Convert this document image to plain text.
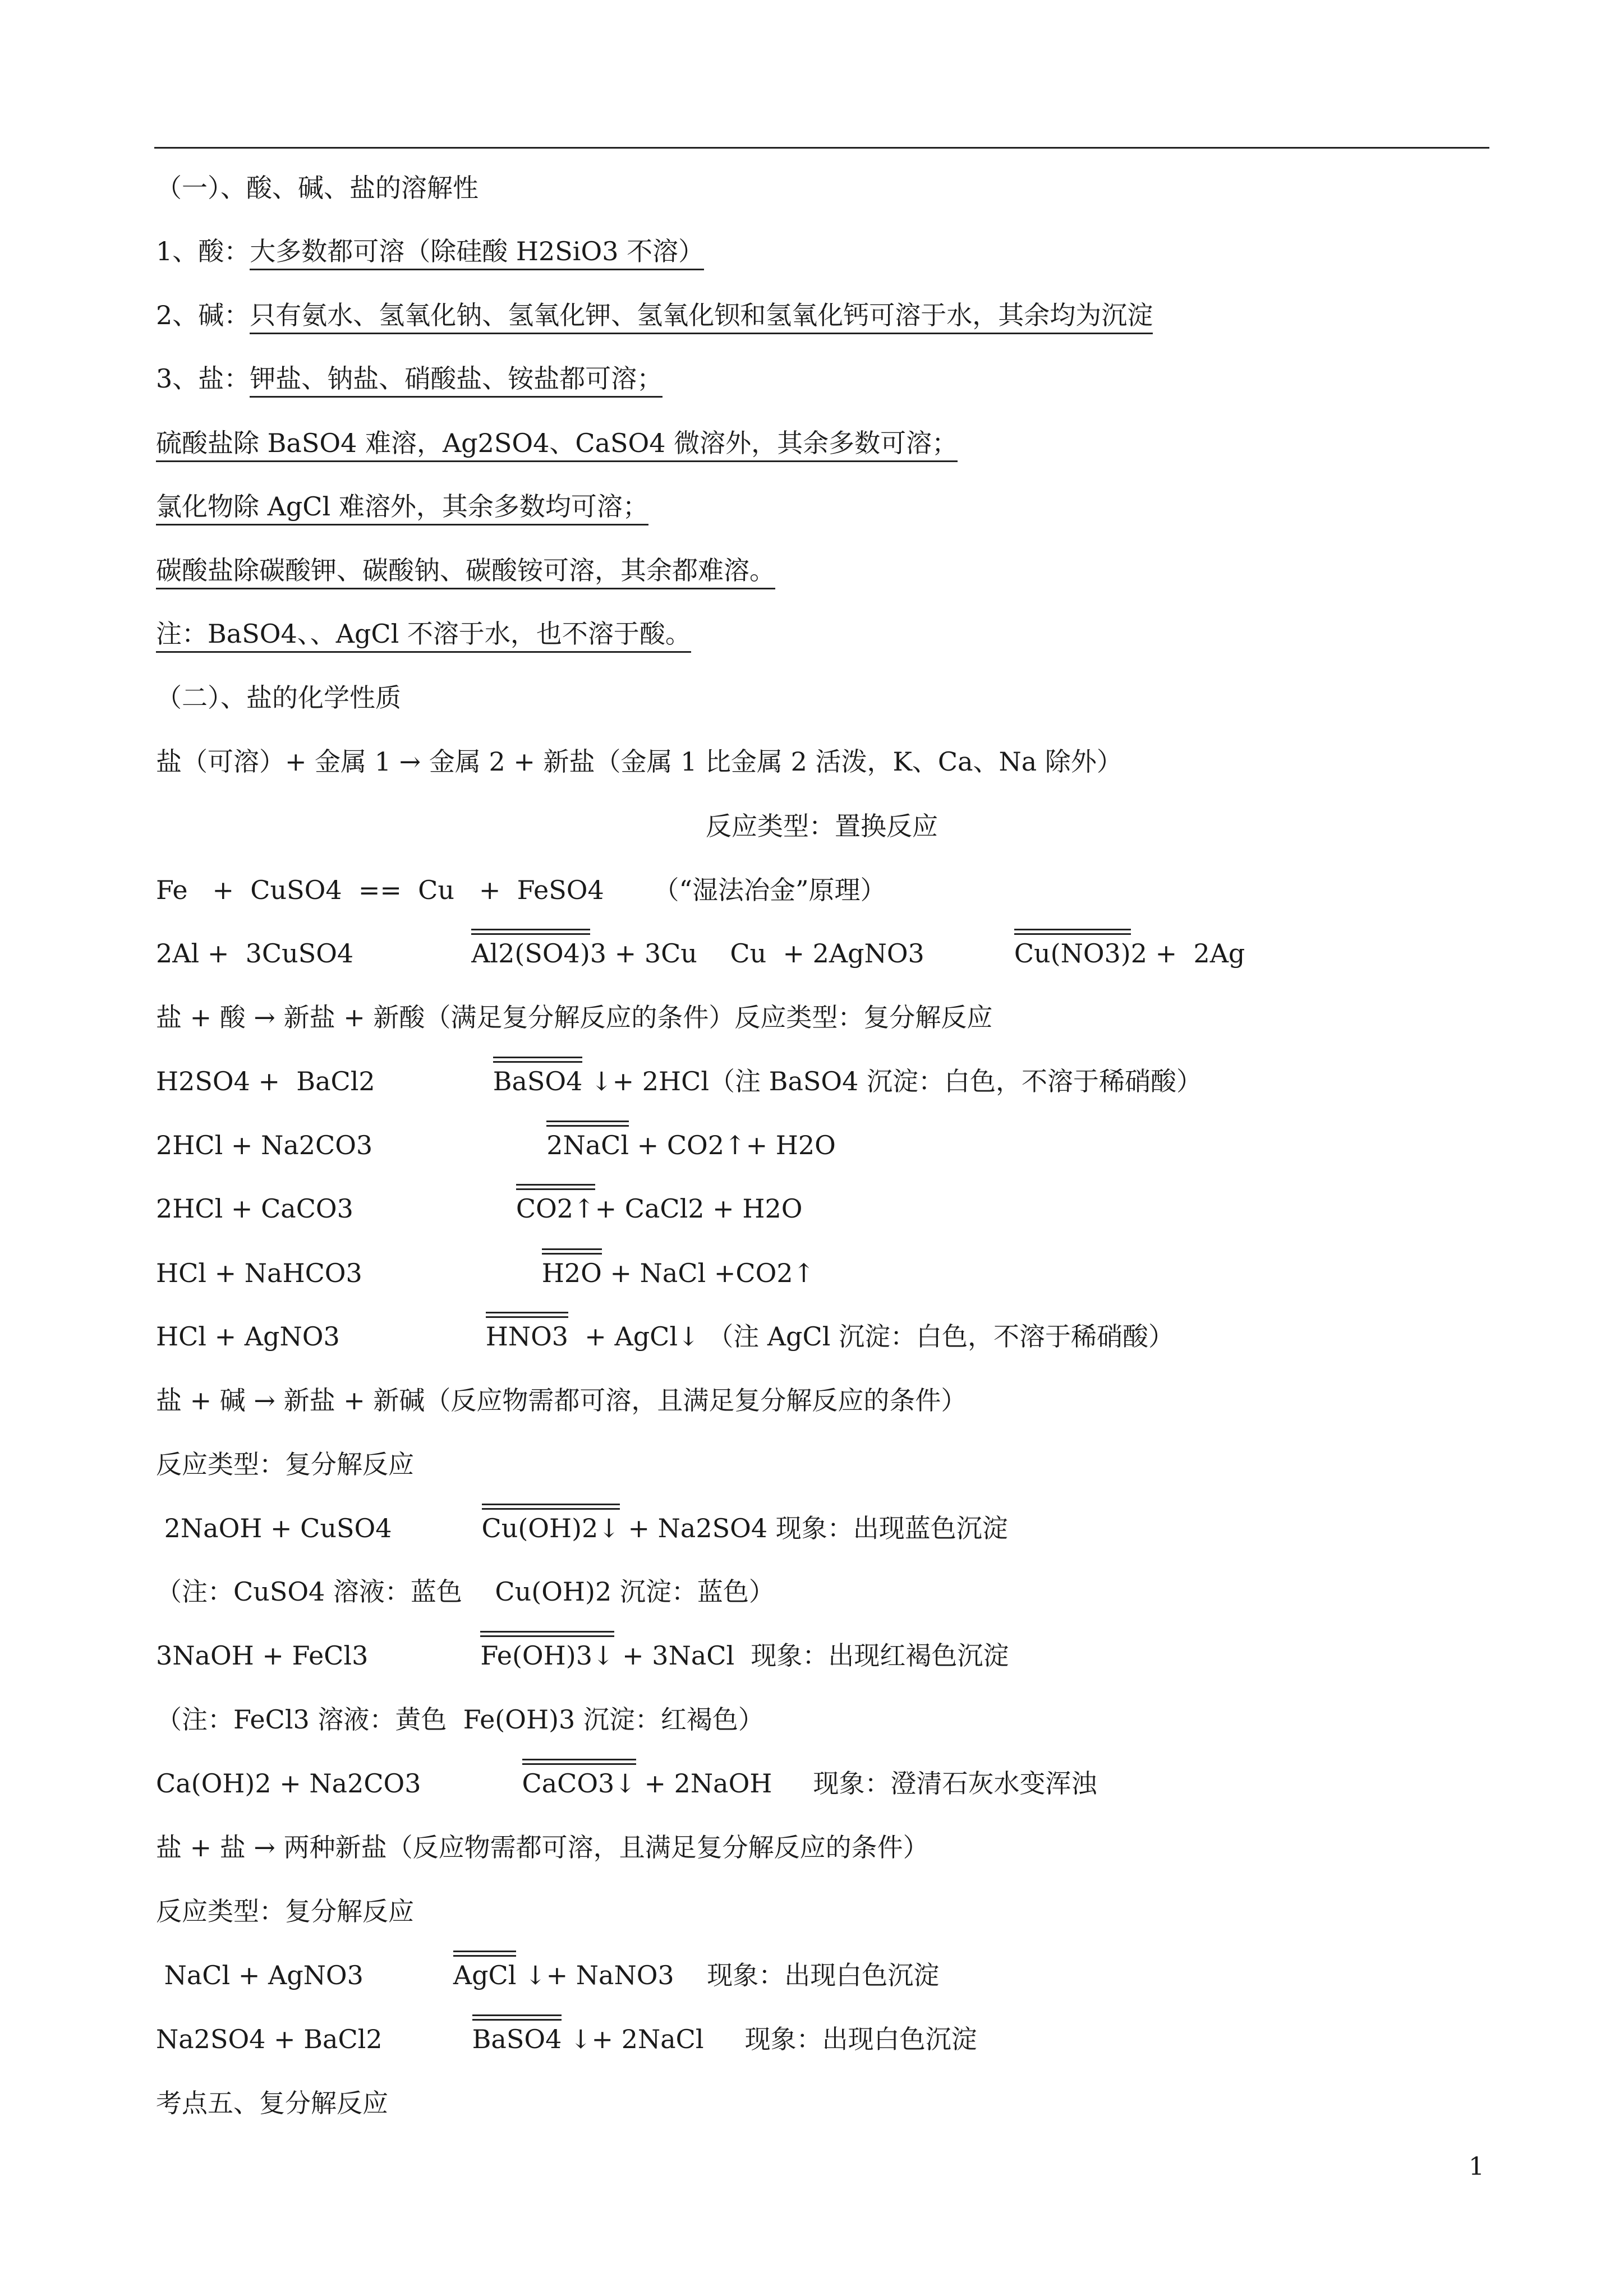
（一）、酸、碱、盐的溶解性
1、酸：大多数都可溶（除硅酸 H2SiO3 不溶）
2、碱：只有氨水、氢氧化钠、氢氧化钾、氢氧化钡和氢氧化钙可溶于水，其余均为沉淀
3、盐：钾盐、钠盐、硝酸盐、铵盐都可溶；
硫酸盐除 BaSO4 难溶，Ag2SO4、CaSO4 微溶外，其余多数可溶；
氯化物除 AgCl 难溶外，其余多数均可溶；
碳酸盐除碳酸钾、碳酸钠、碳酸铵可溶，其余都难溶。
注：BaSO4、、AgCl 不溶于水，也不溶于酸。
（二）、盐的化学性质
盐（可溶）+ 金属 1 → 金属 2 + 新盐（金属 1 比金属 2 活泼，K、Ca、Na 除外）
反应类型：置换反应
Fe   +  CuSO4  ==  Cu   +  FeSO4      （“湿法冶金”原理）
2Al +  3CuSO4	Al2(SO4)3 + 3Cu    Cu  + 2AgNO3	Cu(NO3)2 +  2Ag
盐 + 酸 → 新盐 + 新酸（满足复分解反应的条件）反应类型：复分解反应
H2SO4 +  BaCl2	BaSO4 ↓+ 2HCl（注 BaSO4 沉淀：白色，不溶于稀硝酸）
2HCl + Na2CO3	2NaCl + CO2↑+ H2O
2HCl + CaCO3	CO2↑+ CaCl2 + H2O
HCl + NaHCO3	H2O + NaCl +CO2↑
HCl + AgNO3	HNO3  + AgCl↓ （注 AgCl 沉淀：白色，不溶于稀硝酸）
盐 + 碱 → 新盐 + 新碱（反应物需都可溶，且满足复分解反应的条件）
反应类型：复分解反应
2NaOH + CuSO4	Cu(OH)2↓ + Na2SO4 现象：出现蓝色沉淀
（注：CuSO4 溶液：蓝色    Cu(OH)2 沉淀：蓝色）
3NaOH + FeCl3	Fe(OH)3↓ + 3NaCl  现象：出现红褐色沉淀
（注：FeCl3 溶液：黄色  Fe(OH)3 沉淀：红褐色）
Ca(OH)2 + Na2CO3	CaCO3↓ + 2NaOH     现象：澄清石灰水变浑浊
盐 + 盐 → 两种新盐（反应物需都可溶，且满足复分解反应的条件）
反应类型：复分解反应
NaCl + AgNO3	AgCl ↓+ NaNO3    现象：出现白色沉淀
Na2SO4 + BaCl2	BaSO4 ↓+ 2NaCl     现象：出现白色沉淀
考点五、复分解反应
1
